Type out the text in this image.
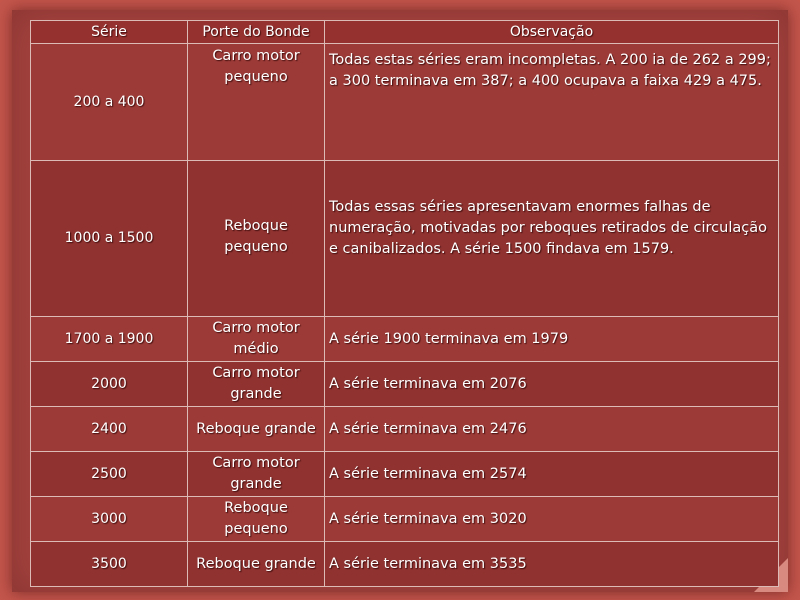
Série	Porte do Bonde	Observação
200 a 400	Carro motor pequeno	Todas estas séries eram incompletas. A 200 ia de 262 a 299; a 300 terminava em 387; a 400 ocupava a faixa 429 a 475.
1000 a 1500	Reboque pequeno	Todas essas séries apresentavam enormes falhas de numeração, motivadas por reboques retirados de circulação e canibalizados. A série 1500 findava em 1579.
1700 a 1900	Carro motor médio	A série 1900 terminava em 1979
2000	Carro motor grande	A série terminava em 2076
2400	Reboque grande	A série terminava em 2476
2500	Carro motor grande	A série terminava em 2574
3000	Reboque pequeno	A série terminava em 3020
3500	Reboque grande	A série terminava em 3535
